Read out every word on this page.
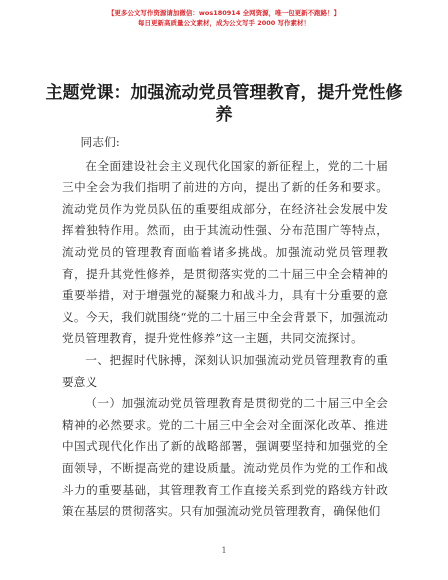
【更多公文写作资源请加微信：wos180914 全网资源，唯一包更新不跑路！】
每日更新高质量公文素材，成为公文写手 2000 写作素材！
主题党课：加强流动党员管理教育，提升党性修养

同志们:

在全面建设社会主义现代化国家的新征程上，党的二十届三中全会为我们指明了前进的方向，提出了新的任务和要求。流动党员作为党员队伍的重要组成部分，在经济社会发展中发挥着独特作用。然而，由于其流动性强、分布范围广等特点，流动党员的管理教育面临着诸多挑战。加强流动党员管理教育，提升其党性修养，是贯彻落实党的二十届三中全会精神的重要举措，对于增强党的凝聚力和战斗力，具有十分重要的意义。今天，我们就围绕“党的二十届三中全会背景下，加强流动党员管理教育，提升党性修养”这一主题，共同交流探讨。

一、把握时代脉搏，深刻认识加强流动党员管理教育的重要意义

（一）加强流动党员管理教育是贯彻党的二十届三中全会精神的必然要求。党的二十届三中全会对全面深化改革、推进中国式现代化作出了新的战略部署，强调要坚持和加强党的全面领导，不断提高党的建设质量。流动党员作为党的工作和战斗力的重要基础，其管理教育工作直接关系到党的路线方针政策在基层的贯彻落实。只有加强流动党员管理教育，确保他们

1
